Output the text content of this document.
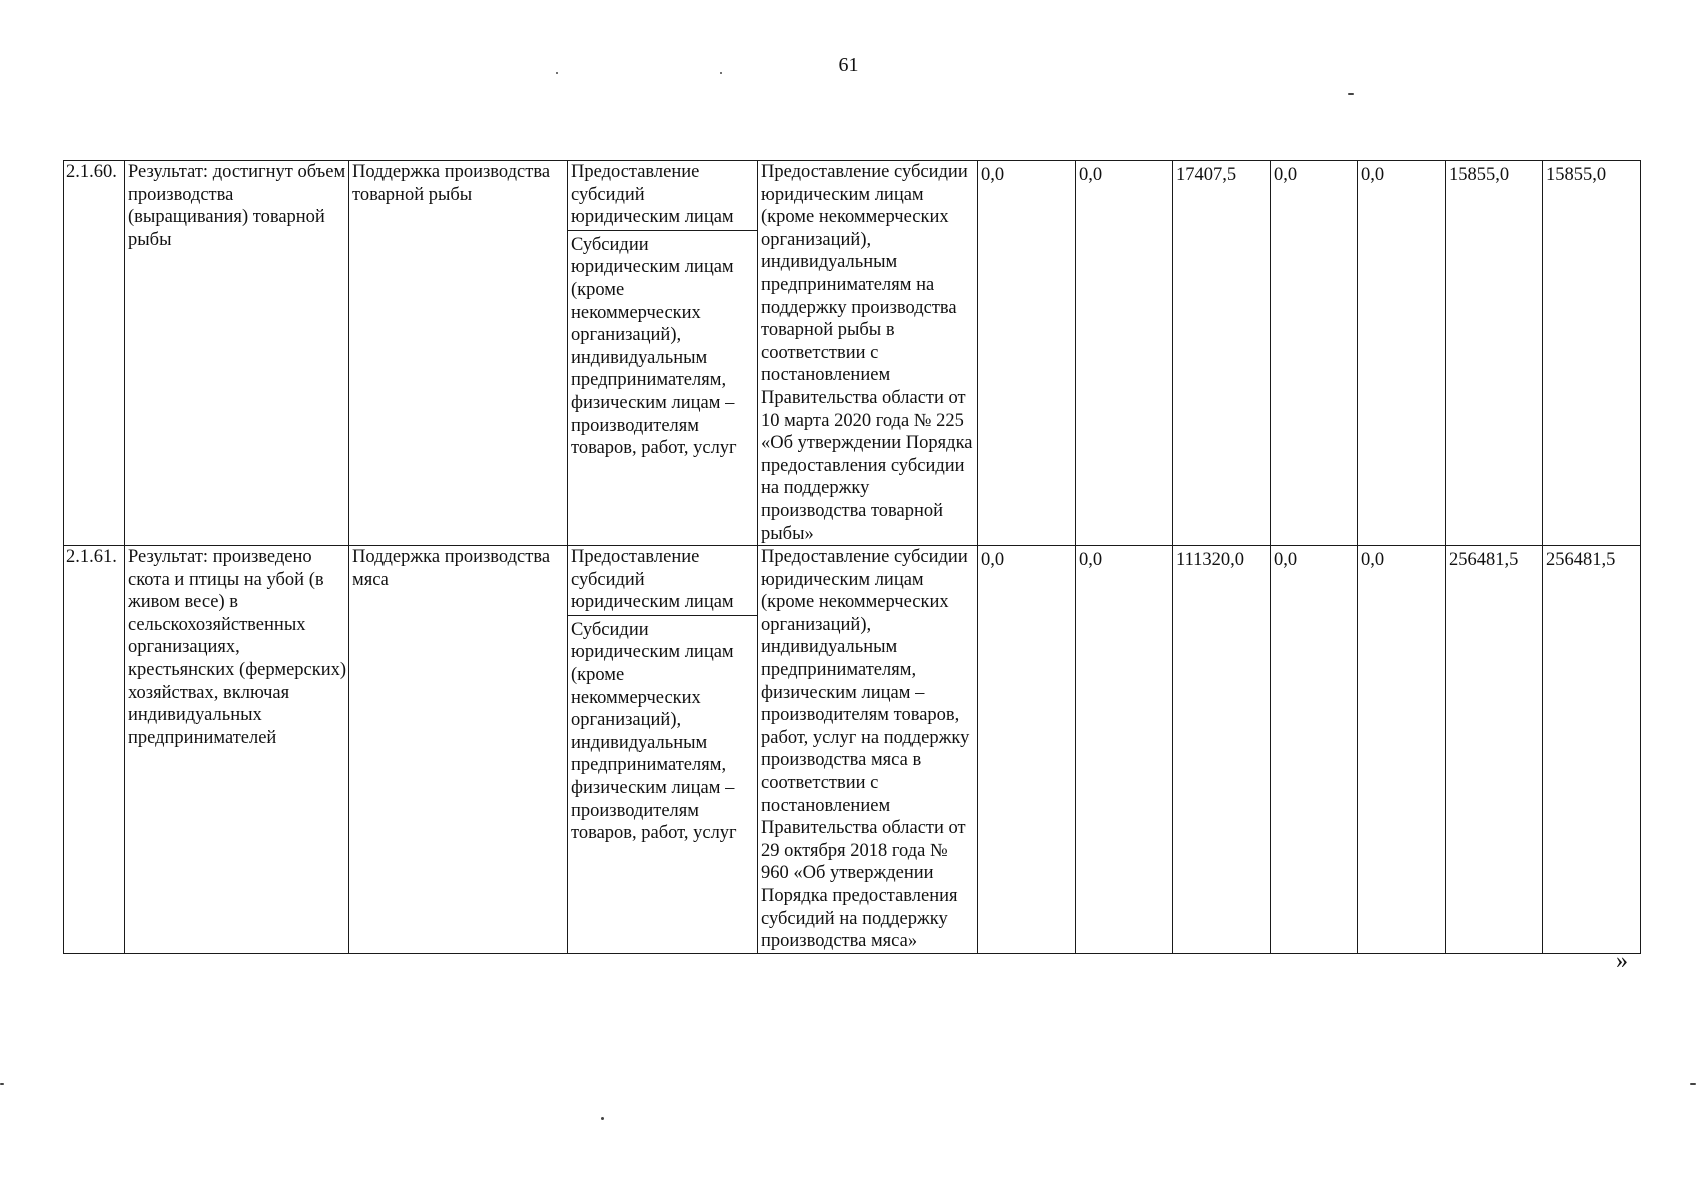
61
2.1.60.	Результат: достигнут объем производства (выращивания) товарной рыбы	Поддержка производства товарной рыбы	Предоставление субсидий юридическим лицам
Субсидии юридическим лицам (кроме некоммерческих организаций), индивидуальным предпринимателям, физическим лицам – производителям товаров, работ, услуг	Предоставление субсидии юридическим лицам (кроме некоммерческих организаций), индивидуальным предпринимателям на поддержку производства товарной рыбы в соответствии с постановлением Правительства области от 10 марта 2020 года № 225 «Об утверждении Порядка предоставления субсидии на поддержку производства товарной рыбы»	0,0	0,0	17407,5	0,0	0,0	15855,0	15855,0
2.1.61.	Результат: произведено скота и птицы на убой (в живом весе) в сельскохозяйственных организациях, крестьянских (фермерских) хозяйствах, включая индивидуальных предпринимателей	Поддержка производства мяса	Предоставление субсидий юридическим лицам
Субсидии юридическим лицам (кроме некоммерческих организаций), индивидуальным предпринимателям, физическим лицам – производителям товаров, работ, услуг	Предоставление субсидии юридическим лицам (кроме некоммерческих организаций), индивидуальным предпринимателям, физическим лицам – производителям товаров, работ, услуг на поддержку производства мяса в соответствии с постановлением Правительства области от 29 октября 2018 года № 960 «Об утверждении Порядка предоставления субсидий на поддержку производства мяса»	0,0	0,0	111320,0	0,0	0,0	256481,5	256481,5
»
